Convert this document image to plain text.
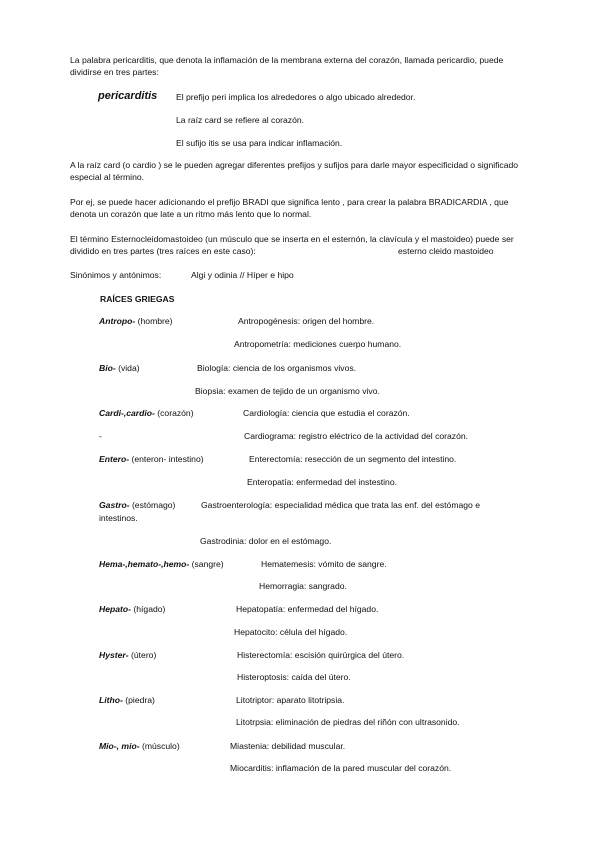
La palabra pericarditis, que denota la inflamación de la membrana externa del corazón, llamada pericardio, puede dividirse en tres partes:
pericarditis El prefijo peri implica los alrededores o algo ubicado alrededor.
La raíz card se refiere al corazón.
El sufijo itis se usa para indicar inflamación.
A la raíz card (o cardio ) se le pueden agregar diferentes prefijos y sufijos para darle mayor especificidad o significado especial al término.
Por ej, se puede hacer adicionando el prefijo BRADI que significa lento , para crear la palabra BRADICARDIA , que denota un corazón que late a un ritmo más lento que lo normal.
El término Esternocleidomastoideo (un músculo que se inserta en el esternón, la clavícula y el mastoideo) puede ser dividido en tres partes (tres raíces en este caso):	esterno cleido mastoideo
Sinónimos y antónimos:	Algi y odinia // Híper e hipo
RAÍCES GRIEGAS
Antropo- (hombre)	Antropogénesis: origen del hombre.
Antropometría: mediciones cuerpo humano.
Bio- (vida)	Biología: ciencia de los organismos vivos.
Biopsia: examen de tejido de un organismo vivo.
Cardi-,cardio- (corazón)	Cardiología: ciencia que estudia el corazón.
-	Cardiograma: registro eléctrico de la actividad del corazón.
Entero- (enteron- intestino)	Enterectomía: resección de un segmento del intestino.
Enteropatía: enfermedad del instestino.
Gastro- (estómago)	Gastroenterología: especialidad médica que trata las enf. del estómago e
intestinos.
Gastrodinia: dolor en el estómago.
Hema-,hemato-,hemo- (sangre)	Hematemesis: vómito de sangre.
Hemorragia: sangrado.
Hepato- (hígado)	Hepatopatía: enfermedad del hígado.
Hepatocito: célula del hígado.
Hyster- (útero)	Histerectomía: escisión quirúrgica del útero.
Histeroptosis: caída del útero.
Litho- (piedra)	Litotriptor: aparato litotripsia.
Litotrpsia: eliminación de piedras del riñón con ultrasonido.
Mio-, mio- (músculo)	Miastenia: debilidad muscular.
Miocarditis: inflamación de la pared muscular del corazón.
